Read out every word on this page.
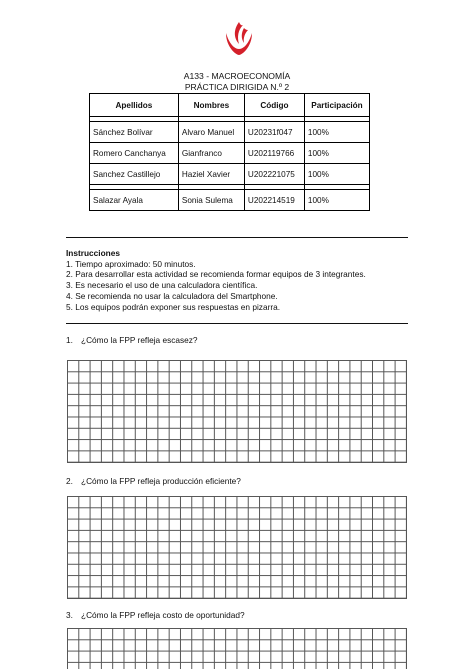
A133 - MACROECONOMÍA
PRÁCTICA DIRIGIDA N.º 2
Apellidos	Nombres	Código	Participación

Sánchez Bolívar	Alvaro Manuel	U20231f047	100%
Romero Canchanya	Gianfranco	U202119766	100%
Sanchez Castillejo	Haziel Xavier	U202221075	100%

Salazar Ayala	Sonia Sulema	U202214519	100%
Instrucciones
1. Tiempo aproximado: 50 minutos.
2. Para desarrollar esta actividad se recomienda formar equipos de 3 integrantes.
3. Es necesario el uso de una calculadora científica.
4. Se recomienda no usar la calculadora del Smartphone.
5. Los equipos podrán exponer sus respuestas en pizarra.
1. ¿Cómo la FPP refleja escasez?
2. ¿Cómo la FPP refleja producción eficiente?
3. ¿Cómo la FPP refleja costo de oportunidad?
